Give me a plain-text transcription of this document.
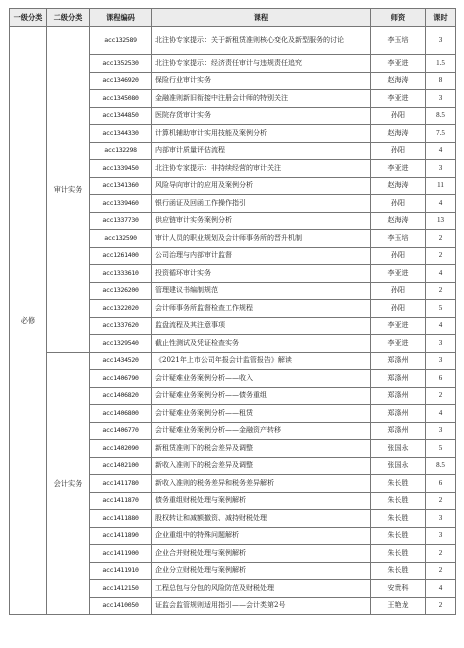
一级分类	二级分类	课程编码	课程	师资	课时
必修	审计实务	acc132589	北注协专家提示：关于新租赁准则核心变化及新型服务的讨论	李玉培	3
		acc1352530	北注协专家提示：经济责任审计与违规责任追究	李亚进	1.5
		acc1346920	保险行业审计实务	赵海涛	8
		acc1345080	金融准则新旧衔接中注册会计师的特别关注	李亚进	3
		acc1344850	医院存货审计实务	孙阳	8.5
		acc1344330	计算机辅助审计实用技能及案例分析	赵海涛	7.5
		acc132298	内部审计质量评估流程	孙阳	4
		acc1339450	北注协专家提示：非持续经营的审计关注	李亚进	3
		acc1341360	风险导向审计的应用及案例分析	赵海涛	11
		acc1339460	银行函证及回函工作操作指引	孙阳	4
		acc1337730	供应链审计实务案例分析	赵海涛	13
		acc132590	审计人员的职业规划及会计师事务所的晋升机制	李玉培	2
		acc1261400	公司治理与内部审计监督	孙阳	2
		acc1333610	投资循环审计实务	李亚进	4
		acc1326200	管理建议书编制规范	孙阳	2
		acc1322020	会计师事务所监督检查工作规程	孙阳	5
		acc1337620	监盘流程及其注意事项	李亚进	4
		acc1329540	截止性测试及凭证检查实务	李亚进	3
	会计实务	acc1434520	《2021年上市公司年报会计监管报告》解读	郑涤州	3
		acc1406790	会计疑难业务案例分析——收入	郑涤州	6
		acc1406820	会计疑难业务案例分析——债务重组	郑涤州	2
		acc1406800	会计疑难业务案例分析——租赁	郑涤州	4
		acc1406770	会计疑难业务案例分析——金融资产转移	郑涤州	3
		acc1402090	新租赁准则下的税会差异及调整	张国永	5
		acc1402100	新收入准则下的税会差异及调整	张国永	8.5
		acc1411780	新收入准则的税务差异和税务差异解析	朱长胜	6
		acc1411870	债务重组财税处理与案例解析	朱长胜	2
		acc1411880	股权转让和减额撤资、减持财税处理	朱长胜	3
		acc1411890	企业重组中的特殊问题解析	朱长胜	3
		acc1411900	企业合并财税处理与案例解析	朱长胜	2
		acc1411910	企业分立财税处理与案例解析	朱长胜	2
		acc1412150	工程总包与分包的风险防范及财税处理	安贵科	4
		acc1410050	证监会监管规则适用指引——会计类第2号	王艳龙	2
